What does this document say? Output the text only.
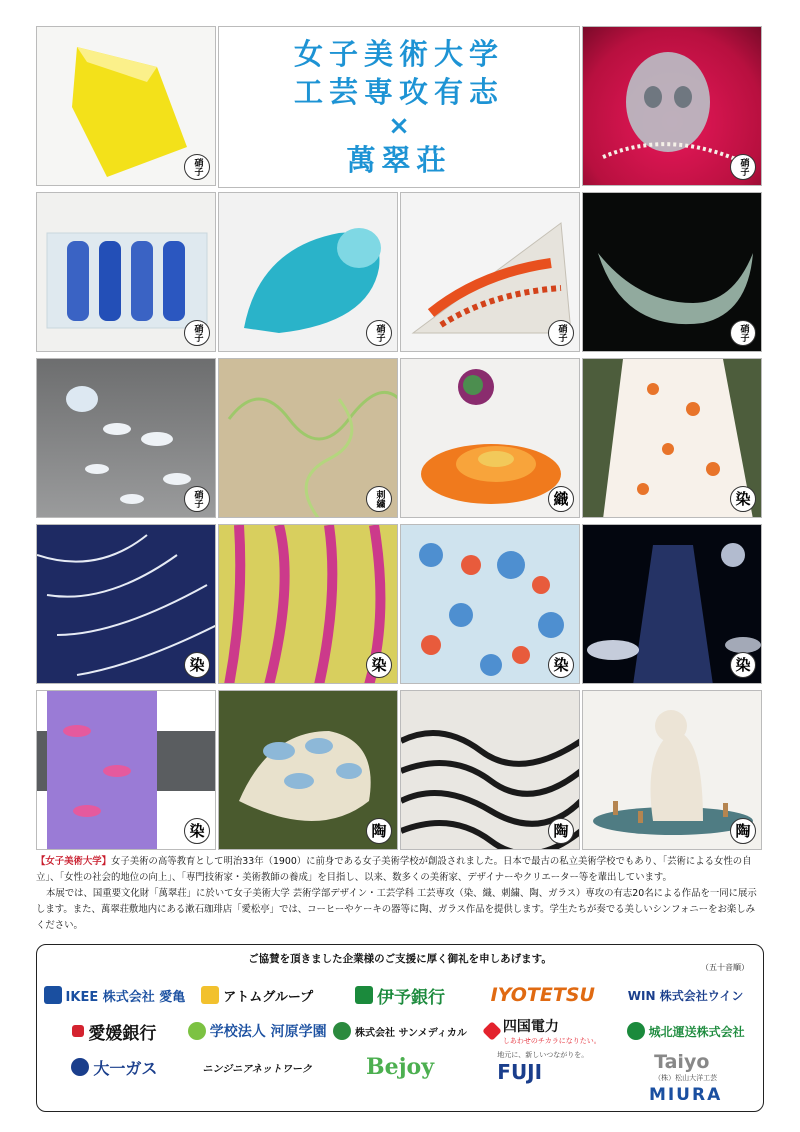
硝子
女子美術大学
工芸専攻有志
×
萬翠荘	硝子
硝子	硝子	硝子	硝子
硝子	刺繍	織	染
染	染	染	染
染	陶	陶	陶

【女子美術大学】女子美術の高等教育として明治33年（1900）に前身である女子美術学校が創設されました。日本で最古の私立美術学校でもあり、「芸術による女性の自立」、「女性の社会的地位の向上」、「専門技術家・美術教師の養成」を目指し、以来、数多くの美術家、デザイナーやクリエーター等を輩出しています。

本展では、国重要文化財「萬翠荘」に於いて女子美術大学 芸術学部デザイン・工芸学科 工芸専攻（染、織、刺繍、陶、ガラス）専攻の有志20名による作品を一同に展示します。また、萬翠荘敷地内にある漱石珈琲店「愛松亭」では、コーヒーやケーキの器等に陶、ガラス作品を提供します。学生たちが奏でる美しいシンフォニーをお楽しみください。

ご協賛を頂きました企業様のご支援に厚く御礼を申しあげます。
（五十音順）
IKEE 株式会社 愛亀	アトムグループ	伊予銀行 IYOTETSU	WIN 株式会社ウイン
愛媛銀行	学校法人 河原学園	株式会社 サンメディカル	四国電力
しあわせのチカラになりたい。
城北運送株式会社
大一ガス	ニンジニアネットワーク Bejoy	地元に、新しいつながりを。
FUJI	Taiyo
（株）松山大洋工芸
MIURA
